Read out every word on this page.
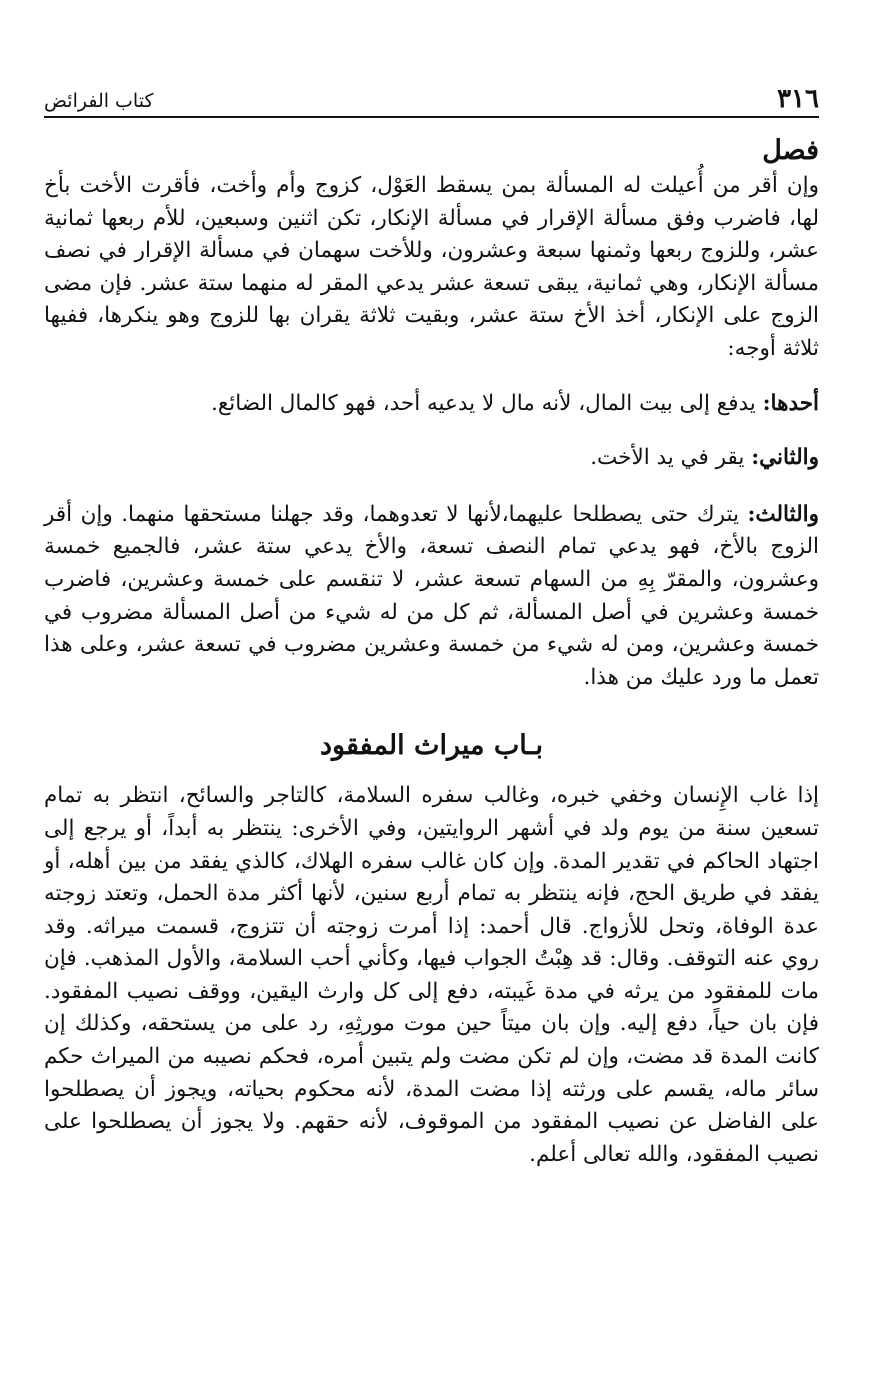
٣١٦
كتاب الفرائض
فصل

وإن أقر من أُعيلت له المسألة بمن يسقط العَوْل، كزوج وأم وأخت، فأقرت الأخت بأخ لها، فاضرب وفق مسألة الإقرار في مسألة الإنكار، تكن اثنين وسبعين، للأم ربعها ثمانية عشر، وللزوج ربعها وثمنها سبعة وعشرون، وللأخت سهمان في مسألة الإقرار في نصف مسألة الإنكار، وهي ثمانية، يبقى تسعة عشر يدعي المقر له منهما ستة عشر. فإن مضى الزوج على الإنكار، أخذ الأخ ستة عشر، وبقيت ثلاثة يقران بها للزوج وهو ينكرها، ففيها ثلاثة أوجه:

أحدها: يدفع إلى بيت المال، لأنه مال لا يدعيه أحد، فهو كالمال الضائع.

والثاني: يقر في يد الأخت.

والثالث: يترك حتى يصطلحا عليهما،لأنها لا تعدوهما، وقد جهلنا مستحقها منهما. وإن أقر الزوج بالأخ، فهو يدعي تمام النصف تسعة، والأخ يدعي ستة عشر، فالجميع خمسة وعشرون، والمقرّ بِهِ من السهام تسعة عشر، لا تنقسم على خمسة وعشرين، فاضرب خمسة وعشرين في أصل المسألة، ثم كل من له شيء من أصل المسألة مضروب في خمسة وعشرين، ومن له شيء من خمسة وعشرين مضروب في تسعة عشر، وعلى هذا تعمل ما ورد عليك من هذا.

بـاب ميراث المفقود

إذا غاب الإِنسان وخفي خبره، وغالب سفره السلامة، كالتاجر والسائح، انتظر به تمام تسعين سنة من يوم ولد في أشهر الروايتين، وفي الأخرى: ينتظر به أبداً، أو يرجع إلى اجتهاد الحاكم في تقدير المدة. وإن كان غالب سفره الهلاك، كالذي يفقد من بين أهله، أو يفقد في طريق الحج، فإنه ينتظر به تمام أربع سنين، لأنها أكثر مدة الحمل، وتعتد زوجته عدة الوفاة، وتحل للأزواج. قال أحمد: إذا أمرت زوجته أن تتزوج، قسمت ميراثه. وقد روي عنه التوقف. وقال: قد هِبْتُ الجواب فيها، وكأني أحب السلامة، والأول المذهب. فإن مات للمفقود من يرثه في مدة غَيبته، دفع إلى كل وارث اليقين، ووقف نصيب المفقود. فإن بان حياً، دفع إليه. وإن بان ميتاً حين موت مورثِهِ، رد على من يستحقه، وكذلك إن كانت المدة قد مضت، وإن لم تكن مضت ولم يتبين أمره، فحكم نصيبه من الميراث حكم سائر ماله، يقسم على ورثته إذا مضت المدة، لأنه محكوم بحياته، ويجوز أن يصطلحوا على الفاضل عن نصيب المفقود من الموقوف، لأنه حقهم. ولا يجوز أن يصطلحوا على نصيب المفقود، والله تعالى أعلم.
